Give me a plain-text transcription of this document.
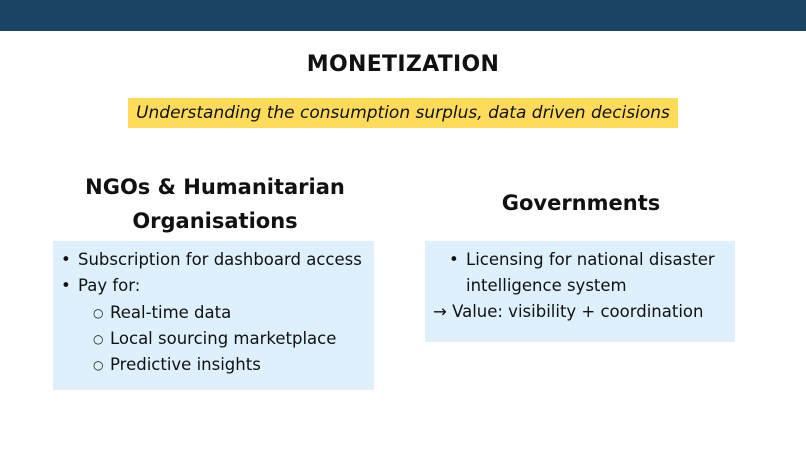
MONETIZATION
Understanding the consumption surplus, data driven decisions
NGOs & Humanitarian
Organisations
Governments
• Subscription for dashboard access
• Pay for:
○ Real-time data
○ Local sourcing marketplace
○ Predictive insights
• Licensing for national disaster
intelligence system
→ Value: visibility + coordination
